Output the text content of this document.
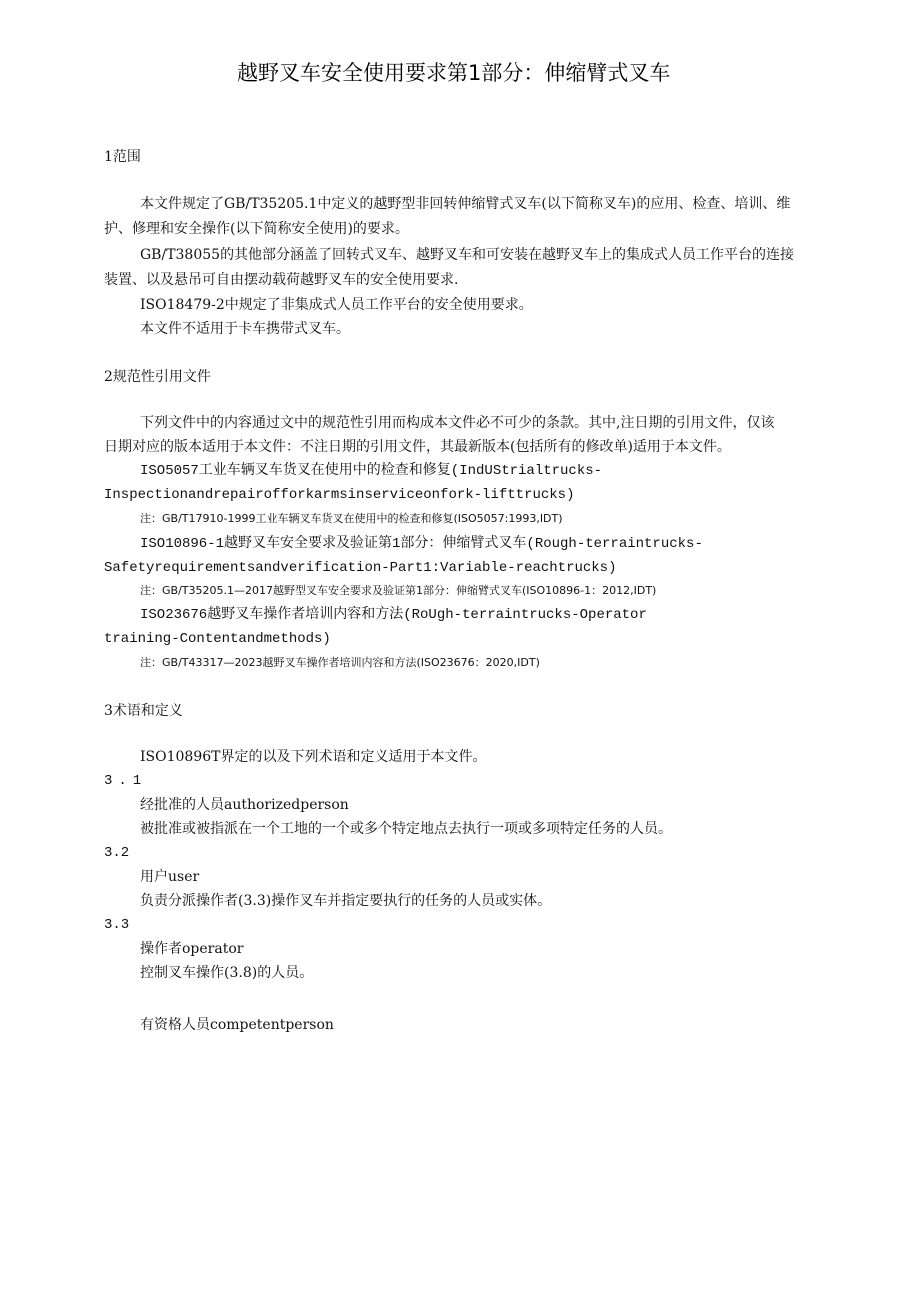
越野叉车安全使用要求第1部分：伸缩臂式叉车
1范围
本文件规定了GB/T35205.1中定义的越野型非回转伸缩臂式叉车(以下简称叉车)的应用、检查、培训、维
护、修理和安全操作(以下简称安全使用)的要求。
GB/T38055的其他部分涵盖了回转式叉车、越野叉车和可安装在越野叉车上的集成式人员工作平台的连接
装置、以及悬吊可自由摆动载荷越野叉车的安全使用要求.
ISO18479-2中规定了非集成式人员工作平台的安全使用要求。
本文件不适用于卡车携带式叉车。
2规范性引用文件
下列文件中的内容通过文中的规范性引用而构成本文件必不可少的条款。其中,注日期的引用文件，仅该
日期对应的版本适用于本文件：不注日期的引用文件，其最新版本(包括所有的修改单)适用于本文件。
ISO5057工业车辆叉车货叉在使用中的检查和修复(IndUStrialtrucks-
Inspectionandrepairofforkarmsinserviceonfork-lifttrucks)
注：GB/T17910-1999工业车辆叉车货叉在使用中的检查和修复(ISO5057:1993,IDT)
ISO10896-1越野叉车安全要求及验证第1部分：伸缩臂式叉车(Rough-terraintrucks-
Safetyrequirementsandverification-Part1:Variable-reachtrucks)
注：GB/T35205.1—2017越野型叉车安全要求及验证第1部分：伸缩臂式叉车(ISO10896-1：2012,IDT)
ISO23676越野叉车操作者培训内容和方法(RoUgh-terraintrucks-Operator
training-Contentandmethods)
注：GB/T43317—2023越野叉车操作者培训内容和方法(ISO23676：2020,IDT)
3术语和定义
ISO10896T界定的以及下列术语和定义适用于本文件。
3.1
经批准的人员authorizedperson
被批准或被指派在一个工地的一个或多个特定地点去执行一项或多项特定任务的人员。
3.2
用户user
负责分派操作者(3.3)操作叉车并指定要执行的任务的人员或实体。
3.3
操作者operator
控制叉车操作(3.8)的人员。
有资格人员competentperson
